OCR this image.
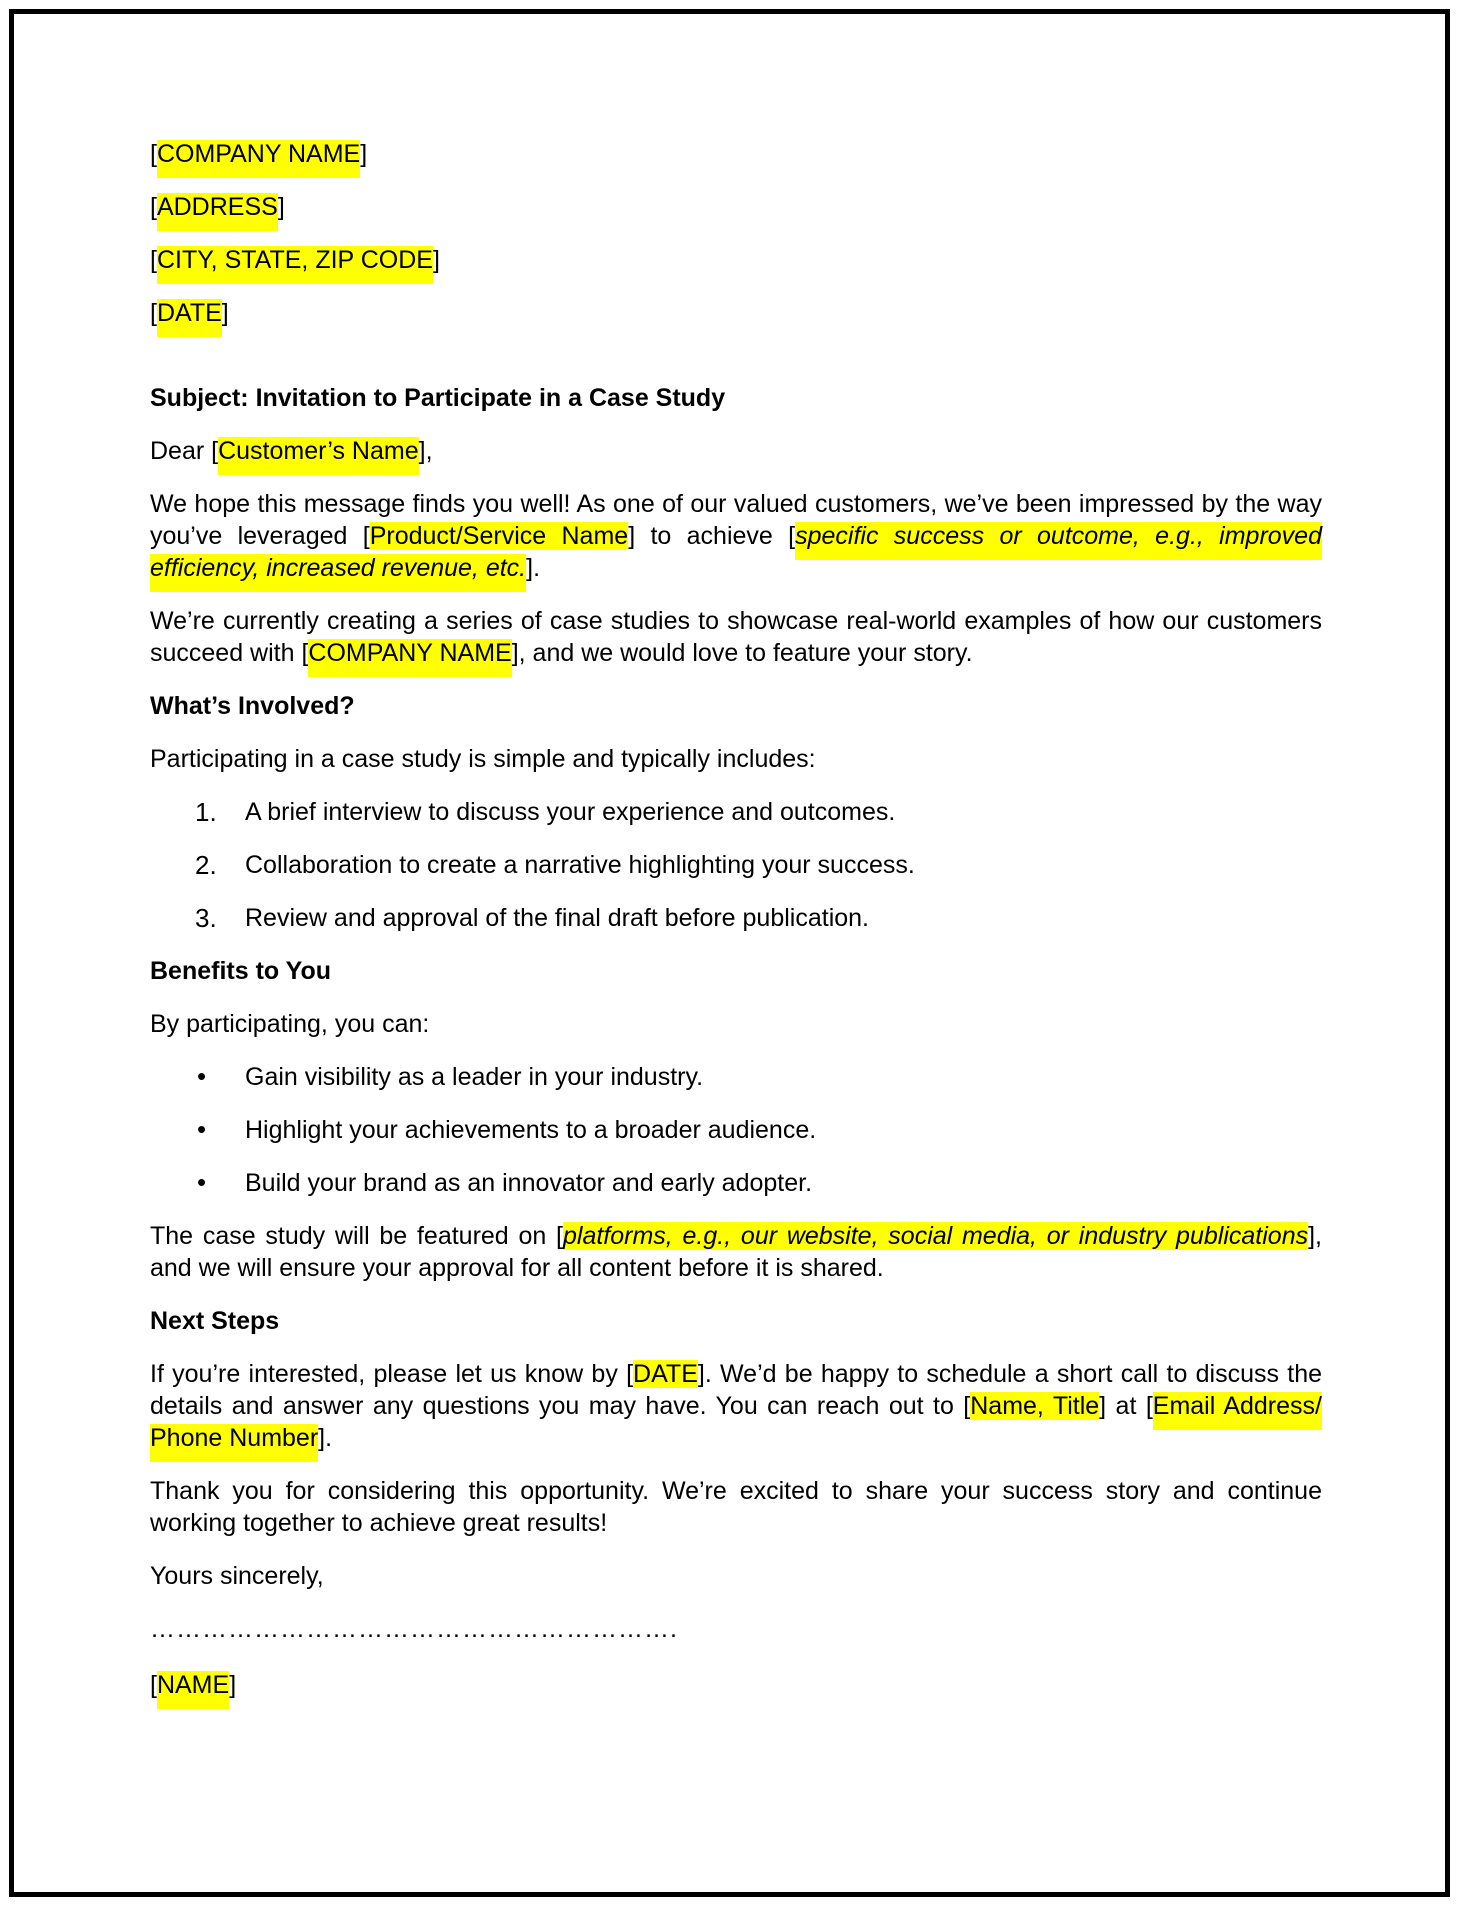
[COMPANY NAME]
[ADDRESS]
[CITY, STATE, ZIP CODE]
[DATE]
Subject: Invitation to Participate in a Case Study
Dear [Customer’s Name],
We hope this message finds you well! As one of our valued customers, we’ve been impressed by the way you’ve leveraged [Product/Service Name] to achieve [specific success or outcome, e.g., improved efficiency, increased revenue, etc.].
We’re currently creating a series of case studies to showcase real-world examples of how our customers succeed with [COMPANY NAME], and we would love to feature your story.
What’s Involved?
Participating in a case study is simple and typically includes:
1. A brief interview to discuss your experience and outcomes.
2. Collaboration to create a narrative highlighting your success.
3. Review and approval of the final draft before publication.
Benefits to You
By participating, you can:
• Gain visibility as a leader in your industry.
• Highlight your achievements to a broader audience.
• Build your brand as an innovator and early adopter.
The case study will be featured on [platforms, e.g., our website, social media, or industry publications], and we will ensure your approval for all content before it is shared.
Next Steps
If you’re interested, please let us know by [DATE]. We’d be happy to schedule a short call to discuss the details and answer any questions you may have. You can reach out to [Name, Title] at [Email Address/ Phone Number].
Thank you for considering this opportunity. We’re excited to share your success story and continue working together to achieve great results!
Yours sincerely,
…………………………………………………….
[NAME]
